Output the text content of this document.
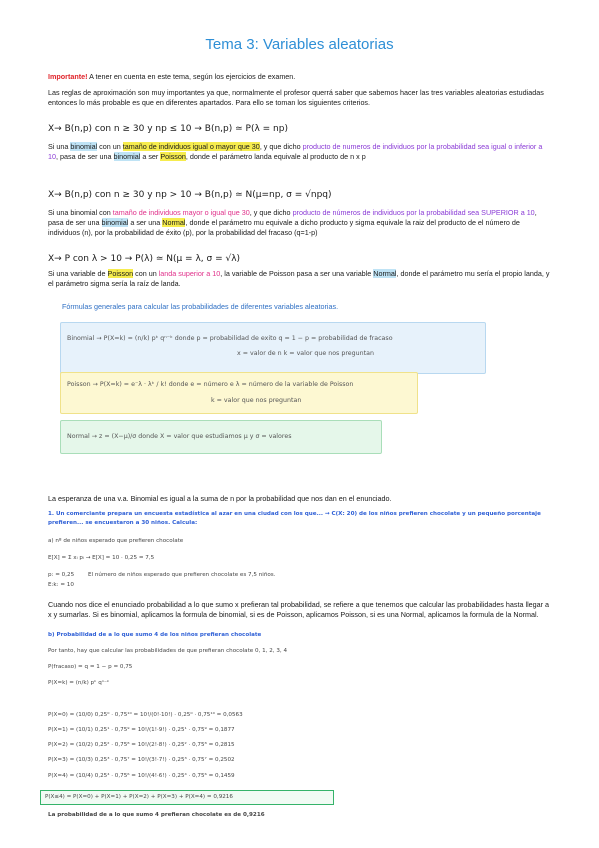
Tema 3: Variables aleatorias
Importante! A tener en cuenta en este tema, según los ejercicios de examen.
Las reglas de aproximación son muy importantes ya que, normalmente el profesor querrá saber que sabemos hacer las tres variables aleatorias estudiadas entonces lo más probable es que en diferentes apartados. Para ello se toman los siguientes criterios.
X→ B(n,p) con n ≥ 30 y np ≤ 10 → B(n,p) ≃ P(λ = np)
Si una binomial con un tamaño de individuos igual o mayor que 30, y que dicho producto de numeros de individuos por la probabilidad sea igual o inferior a 10, pasa de ser una binomial a ser Poisson, donde el parámetro landa equivale al producto de n x p
X→ B(n,p) con n ≥ 30 y np > 10 → B(n,p) ≃ N(μ=np, σ = √npq)
Si una binomial con tamaño de individuos mayor o igual que 30, y que dicho producto de números de individuos por la probabilidad sea SUPERIOR a 10, pasa de ser una binomial a ser una Normal, donde el parámetro mu equivale a dicho producto y sigma equivale la raiz del producto de el número de individuos (n), por la probabilidad de éxito (p), por la probabilidad del fracaso (q=1-p)
X→ P con λ > 10 → P(λ) ≃ N(μ = λ, σ = √λ)
Si una variable de Poisson con un landa superior a 10, la variable de Poisson pasa a ser una variable Normal, donde el parámetro mu sería el propio landa, y el parámetro sigma sería la raíz de landa.
Fórmulas generales para calcular las probabilidades de diferentes variables aleatorias.
Binomial → P(X=k) = (n/k) pᵏ qⁿ⁻ᵏ donde p = probabilidad de exito q = 1 − p = probabilidad de fracaso
x = valor de n k = valor que nos preguntan
Poisson → P(X=k) = e⁻λ · λᵏ / k! donde e = número e λ = número de la variable de Poisson
k = valor que nos preguntan
Normal → z = (X−μ)/σ donde X = valor que estudiamos μ y σ = valores
La esperanza de una v.a. Binomial es igual a la suma de n por la probabilidad que nos dan en el enunciado.
1. Un comerciante prepara un encuesta estadística al azar en una ciudad con los que... → C(X: 20) de los niños prefieren chocolate y un pequeño porcentaje prefieren... se encuestaron a 30 niños. Calcula:
a) nº de niños esperado que prefieren chocolate
E[X] = Σ xᵢ pᵢ → E[X] = 10 · 0,25 = 7,5
p: = 0,25 El número de niños esperado que prefieren chocolate es 7,5 niños.
E:k: = 10
Cuando nos dice el enunciado probabilidad a lo que sumo x prefieran tal probabilidad, se refiere a que tenemos que calcular las probabilidades hasta llegar a x y sumarlas. Si es binomial, aplicamos la formula de binomial, si es de Poisson, aplicamos Poisson, si es una Normal, aplicamos la formula de la Normal.
b) Probabilidad de a lo que sumo 4 de los niños prefieran chocolate
Por tanto, hay que calcular las probabilidades de que prefieran chocolate 0, 1, 2, 3, 4
P(fracaso) = q = 1 − p = 0,75
P(X=k) = (n/k) pᵏ qⁿ⁻ᵏ
P(X=0) = (10/0) 0,25⁰ · 0,75¹⁰ = 10!/(0!·10!) · 0,25⁰ · 0,75¹⁰ = 0,0563
P(X=1) = (10/1) 0,25¹ · 0,75⁹ = 10!/(1!·9!) · 0,25¹ · 0,75⁹ = 0,1877
P(X=2) = (10/2) 0,25² · 0,75⁸ = 10!/(2!·8!) · 0,25² · 0,75⁸ = 0,2815
P(X=3) = (10/3) 0,25³ · 0,75⁷ = 10!/(3!·7!) · 0,25³ · 0,75⁷ = 0,2502
P(X=4) = (10/4) 0,25⁴ · 0,75⁶ = 10!/(4!·6!) · 0,25⁴ · 0,75⁶ = 0,1459
P(X≤4) = P(X=0) + P(X=1) + P(X=2) + P(X=3) + P(X=4) = 0,9216
La probabilidad de a lo que sumo 4 prefieran chocolate es de 0,9216
